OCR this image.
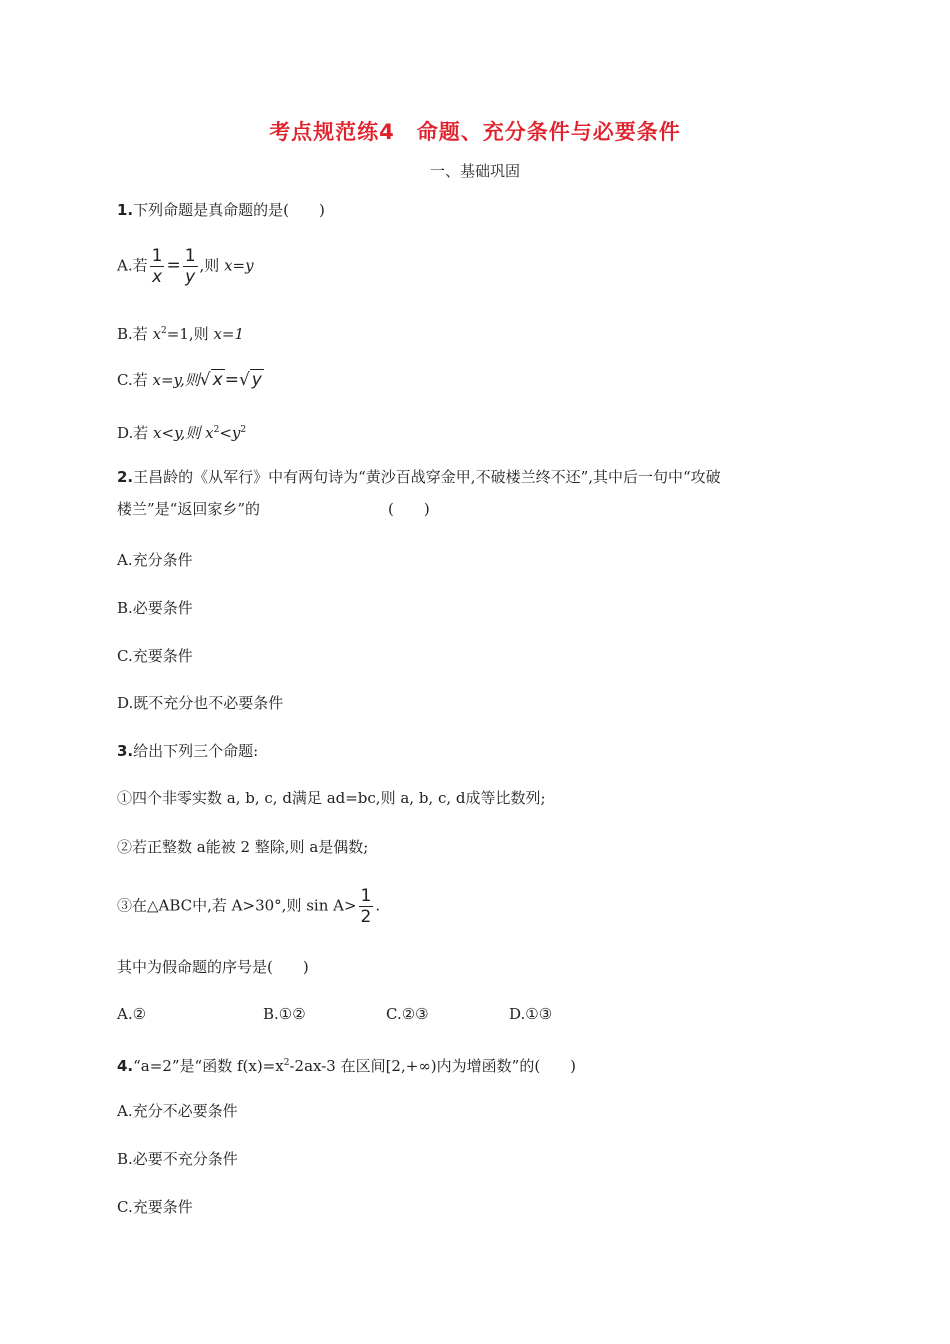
考点规范练4　命题、充分条件与必要条件
一、基础巩固
1.下列命题是真命题的是(　　)
A.若 $\frac{1}{x} = \frac{1}{y}$ ,则 x=y
B.若 $x^2=1$,则 x=1
C.若 x=y,则√ x =√ y
D.若 x<y,则 $x^2<y^2$
2.王昌龄的《从军行》中有两句诗为“黄沙百战穿金甲,不破楼兰终不还”,其中后一句中“攻破
楼兰”是“返回家乡”的	(　　)
A.充分条件
B.必要条件
C.充要条件
D.既不充分也不必要条件
3.给出下列三个命题:
①四个非零实数 a, b, c, d满足 ad=bc,则 a, b, c, d成等比数列;
②若正整数 a能被 2 整除,则 a是偶数;
③在△ABC中,若 A>30°,则 $\sin A> \frac{1}{2}$ .
其中为假命题的序号是(　　)
A.②	B.①②	C.②③	D.①③
4.“a=2”是“函数 $f(x)=x^2-2ax-3$ 在区间[2,+∞)内为增函数”的(　　)
A.充分不必要条件
B.必要不充分条件
C.充要条件
